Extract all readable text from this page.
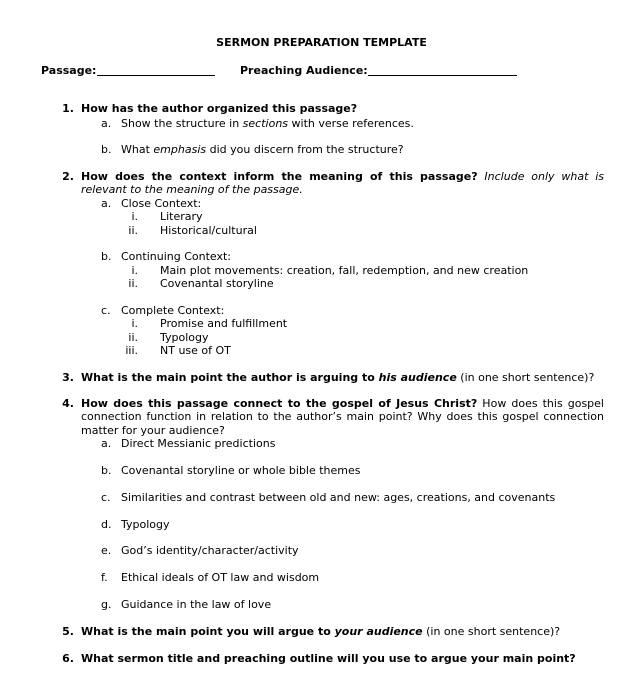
SERMON PREPARATION TEMPLATE
Passage:	Preaching Audience:
1. How has the author organized this passage?
a. Show the structure in sections with verse references.
b. What emphasis did you discern from the structure?
2. How does the context inform the meaning of this passage? Include only what is relevant to the meaning of the passage.
a. Close Context:
i. Literary
ii. Historical/cultural
b. Continuing Context:
i. Main plot movements: creation, fall, redemption, and new creation
ii. Covenantal storyline
c. Complete Context:
i. Promise and fulfillment
ii. Typology
iii. NT use of OT
3. What is the main point the author is arguing to his audience (in one short sentence)?
4. How does this passage connect to the gospel of Jesus Christ? How does this gospel connection function in relation to the author’s main point? Why does this gospel connection matter for your audience?
a. Direct Messianic predictions
b. Covenantal storyline or whole bible themes
c. Similarities and contrast between old and new: ages, creations, and covenants
d. Typology
e. God’s identity/character/activity
f. Ethical ideals of OT law and wisdom
g. Guidance in the law of love
5. What is the main point you will argue to your audience (in one short sentence)?
6. What sermon title and preaching outline will you use to argue your main point?
